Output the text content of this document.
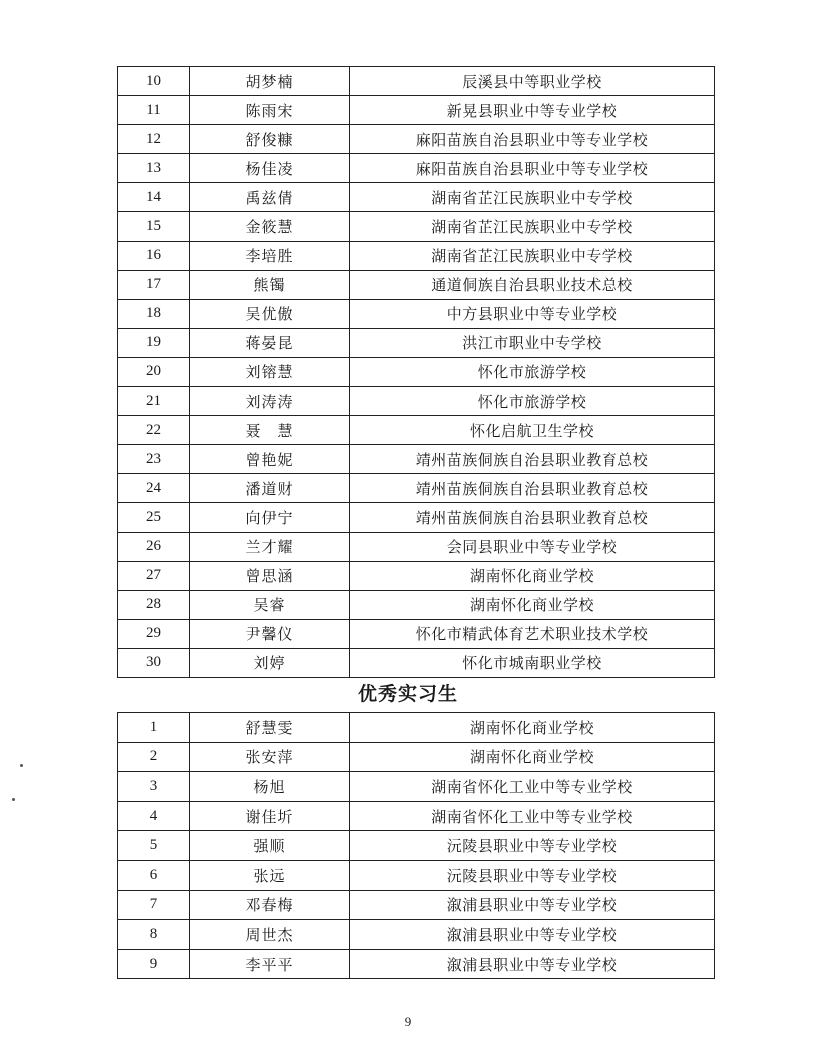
10	胡梦楠	辰溪县中等职业学校
11	陈雨宋	新晃县职业中等专业学校
12	舒俊糠	麻阳苗族自治县职业中等专业学校
13	杨佳凌	麻阳苗族自治县职业中等专业学校
14	禹兹倩	湖南省芷江民族职业中专学校
15	金筱慧	湖南省芷江民族职业中专学校
16	李培胜	湖南省芷江民族职业中专学校
17	熊镯	通道侗族自治县职业技术总校
18	吴优傲	中方县职业中等专业学校
19	蒋晏昆	洪江市职业中专学校
20	刘镕慧	怀化市旅游学校
21	刘涛涛	怀化市旅游学校
22	聂　慧	怀化启航卫生学校
23	曾艳妮	靖州苗族侗族自治县职业教育总校
24	潘道财	靖州苗族侗族自治县职业教育总校
25	向伊宁	靖州苗族侗族自治县职业教育总校
26	兰才耀	会同县职业中等专业学校
27	曾思涵	湖南怀化商业学校
28	吴睿	湖南怀化商业学校
29	尹馨仪	怀化市精武体育艺术职业技术学校
30	刘婷	怀化市城南职业学校
优秀实习生
1	舒慧雯	湖南怀化商业学校
2	张安萍	湖南怀化商业学校
3	杨旭	湖南省怀化工业中等专业学校
4	谢佳圻	湖南省怀化工业中等专业学校
5	强顺	沅陵县职业中等专业学校
6	张远	沅陵县职业中等专业学校
7	邓春梅	溆浦县职业中等专业学校
8	周世杰	溆浦县职业中等专业学校
9	李平平	溆浦县职业中等专业学校
9
